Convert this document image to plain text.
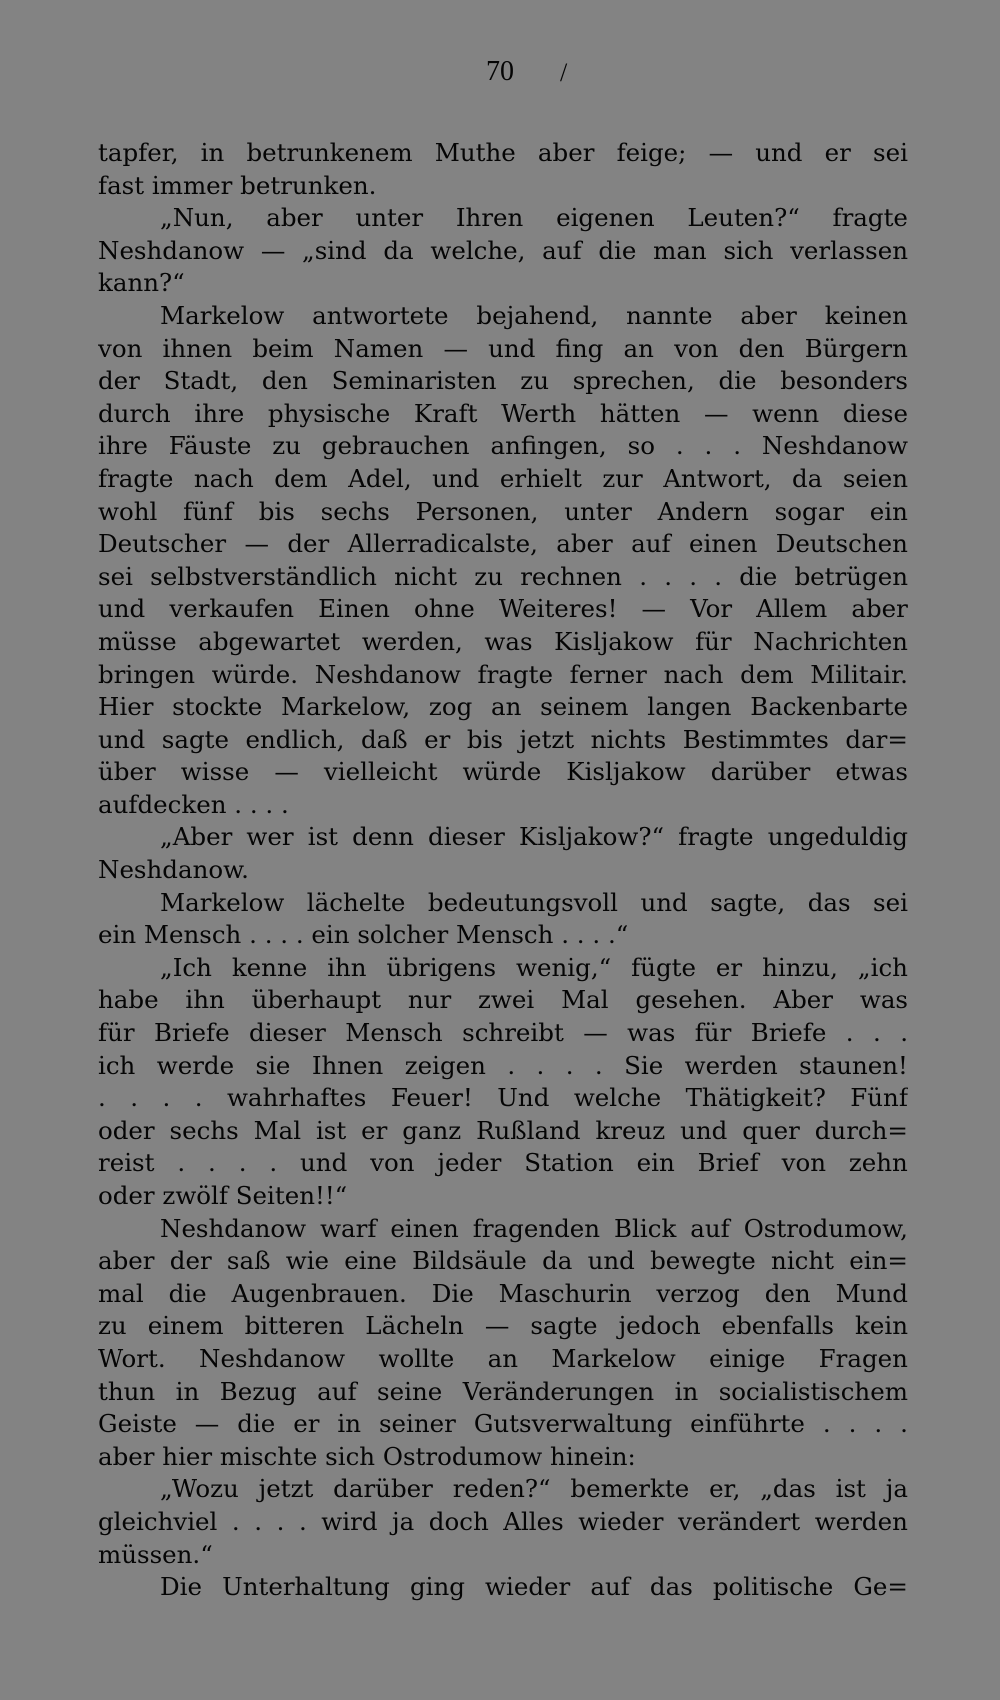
70	/
tapfer, in betrunkenem Muthe aber feige; — und er sei
fast immer betrunken.
„Nun, aber unter Ihren eigenen Leuten?“ fragte
Neshdanow — „sind da welche, auf die man sich verlassen
kann?“
Markelow antwortete bejahend, nannte aber keinen
von ihnen beim Namen — und fing an von den Bürgern
der Stadt, den Seminaristen zu sprechen, die besonders
durch ihre physische Kraft Werth hätten — wenn diese
ihre Fäuste zu gebrauchen anfingen, so . . . Neshdanow
fragte nach dem Adel, und erhielt zur Antwort, da seien
wohl fünf bis sechs Personen, unter Andern sogar ein
Deutscher — der Allerradicalste, aber auf einen Deutschen
sei selbstverständlich nicht zu rechnen . . . . die betrügen
und verkaufen Einen ohne Weiteres! — Vor Allem aber
müsse abgewartet werden, was Kisljakow für Nachrichten
bringen würde. Neshdanow fragte ferner nach dem Militair.
Hier stockte Markelow, zog an seinem langen Backenbarte
und sagte endlich, daß er bis jetzt nichts Bestimmtes dar=
über wisse — vielleicht würde Kisljakow darüber etwas
aufdecken . . . .
„Aber wer ist denn dieser Kisljakow?“ fragte ungeduldig
Neshdanow.
Markelow lächelte bedeutungsvoll und sagte, das sei
ein Mensch . . . . ein solcher Mensch . . . .“
„Ich kenne ihn übrigens wenig,“ fügte er hinzu, „ich
habe ihn überhaupt nur zwei Mal gesehen. Aber was
für Briefe dieser Mensch schreibt — was für Briefe . . .
ich werde sie Ihnen zeigen . . . . Sie werden staunen!
. . . . wahrhaftes Feuer! Und welche Thätigkeit? Fünf
oder sechs Mal ist er ganz Rußland kreuz und quer durch=
reist . . . . und von jeder Station ein Brief von zehn
oder zwölf Seiten!!“
Neshdanow warf einen fragenden Blick auf Ostrodumow,
aber der saß wie eine Bildsäule da und bewegte nicht ein=
mal die Augenbrauen. Die Maschurin verzog den Mund
zu einem bitteren Lächeln — sagte jedoch ebenfalls kein
Wort. Neshdanow wollte an Markelow einige Fragen
thun in Bezug auf seine Veränderungen in socialistischem
Geiste — die er in seiner Gutsverwaltung einführte . . . .
aber hier mischte sich Ostrodumow hinein:
„Wozu jetzt darüber reden?“ bemerkte er, „das ist ja
gleichviel . . . . wird ja doch Alles wieder verändert werden
müssen.“
Die Unterhaltung ging wieder auf das politische Ge=
